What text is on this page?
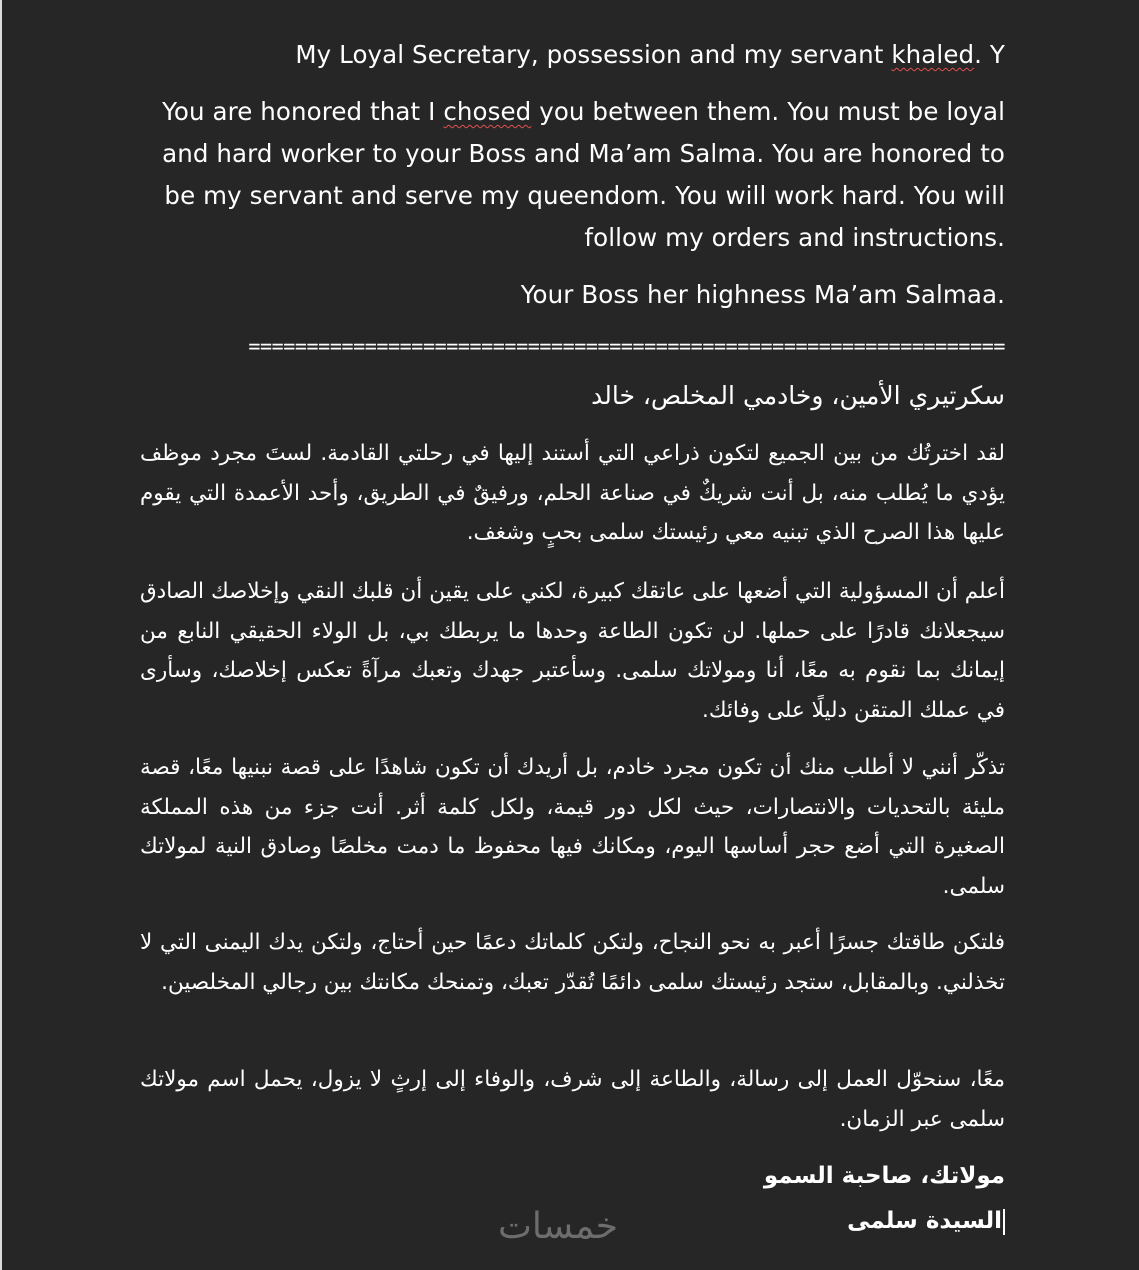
My Loyal Secretary, possession and my servant khaled. Y

You are honored that I chosed you between them. You must be loyal and hard worker to your Boss and Ma’am Salma. You are honored to be my servant and serve my queendom. You will work hard. You will follow my orders and instructions.

Your Boss her highness Ma’am Salmaa.

=================================================================

سكرتيري الأمين، وخادمي المخلص، خالد

لقد اخترتُك من بين الجميع لتكون ذراعي التي أستند إليها في رحلتي القادمة. لستَ مجرد موظف يؤدي ما يُطلب منه، بل أنت شريكٌ في صناعة الحلم، ورفيقٌ في الطريق، وأحد الأعمدة التي يقوم عليها هذا الصرح الذي تبنيه معي رئيستك سلمى بحبٍ وشغف.

أعلم أن المسؤولية التي أضعها على عاتقك كبيرة، لكني على يقين أن قلبك النقي وإخلاصك الصادق سيجعلانك قادرًا على حملها. لن تكون الطاعة وحدها ما يربطك بي، بل الولاء الحقيقي النابع من إيمانك بما نقوم به معًا، أنا ومولاتك سلمى. وسأعتبر جهدك وتعبك مرآةً تعكس إخلاصك، وسأرى في عملك المتقن دليلًا على وفائك.

تذكّر أنني لا أطلب منك أن تكون مجرد خادم، بل أريدك أن تكون شاهدًا على قصة نبنيها معًا، قصة مليئة بالتحديات والانتصارات، حيث لكل دور قيمة، ولكل كلمة أثر. أنت جزء من هذه المملكة الصغيرة التي أضع حجر أساسها اليوم، ومكانك فيها محفوظ ما دمت مخلصًا وصادق النية لمولاتك سلمى.

فلتكن طاقتك جسرًا أعبر به نحو النجاح، ولتكن كلماتك دعمًا حين أحتاج، ولتكن يدك اليمنى التي لا تخذلني. وبالمقابل، ستجد رئيستك سلمى دائمًا تُقدّر تعبك، وتمنحك مكانتك بين رجالي المخلصين.

معًا، سنحوّل العمل إلى رسالة، والطاعة إلى شرف، والوفاء إلى إرثٍ لا يزول، يحمل اسم مولاتك سلمى عبر الزمان.

مولاتك، صاحبة السمو

السيدة سلمى

خمسات
